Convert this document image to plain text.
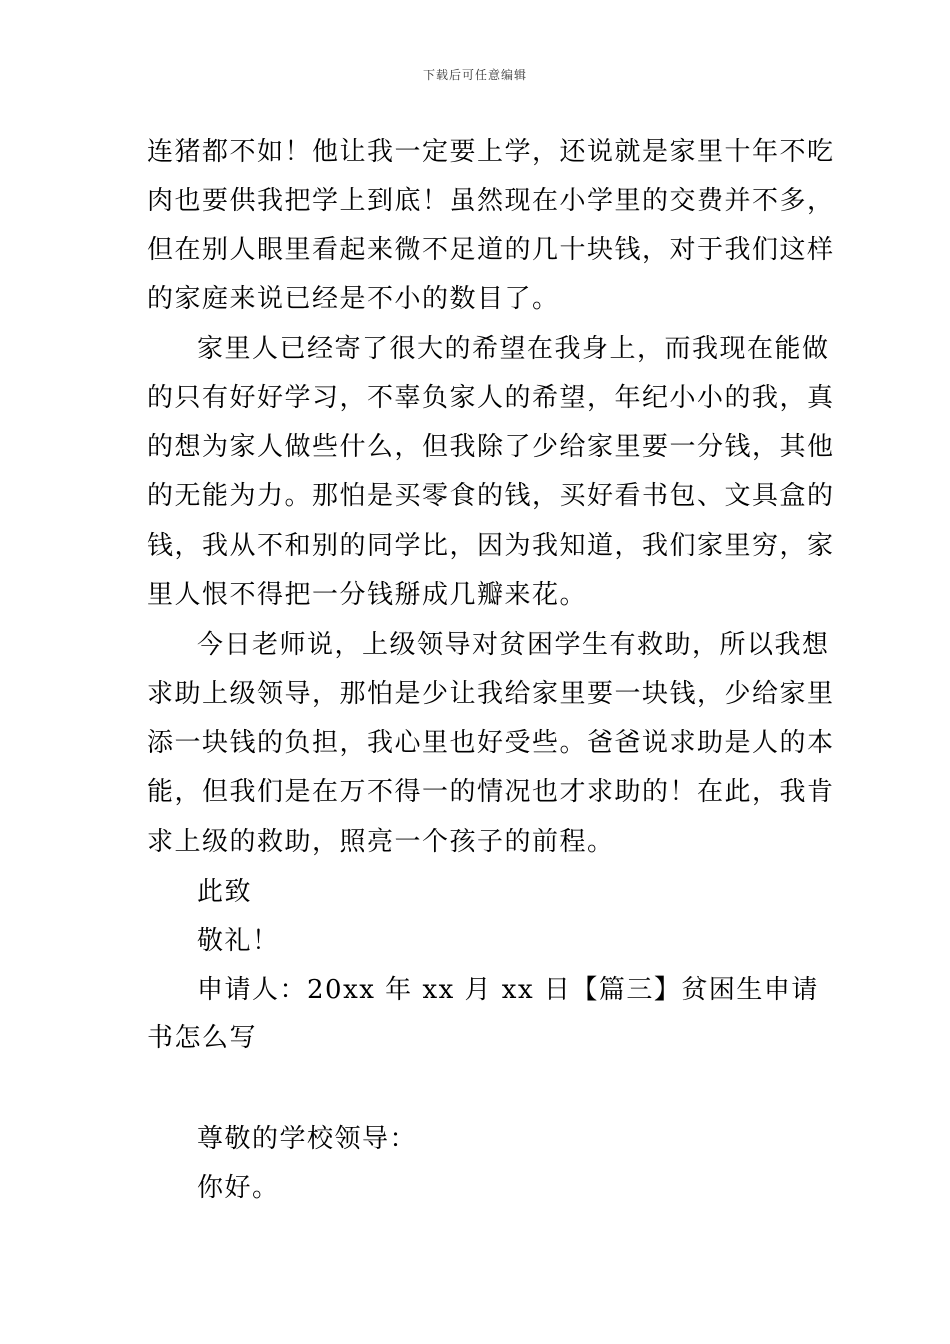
下载后可任意编辑
连猪都不如！他让我一定要上学，还说就是家里十年不吃
肉也要供我把学上到底！虽然现在小学里的交费并不多，
但在别人眼里看起来微不足道的几十块钱，对于我们这样
的家庭来说已经是不小的数目了。
家里人已经寄了很大的希望在我身上，而我现在能做
的只有好好学习，不辜负家人的希望，年纪小小的我，真
的想为家人做些什么，但我除了少给家里要一分钱，其他
的无能为力。那怕是买零食的钱，买好看书包、文具盒的
钱，我从不和别的同学比，因为我知道，我们家里穷，家
里人恨不得把一分钱掰成几瓣来花。
今日老师说，上级领导对贫困学生有救助，所以我想
求助上级领导，那怕是少让我给家里要一块钱，少给家里
添一块钱的负担，我心里也好受些。爸爸说求助是人的本
能，但我们是在万不得一的情况也才求助的！在此，我肯
求上级的救助，照亮一个孩子的前程。
此致
敬礼！
申请人：20xx 年 xx 月 xx 日 【篇三】贫困生申请
书怎么写
尊敬的学校领导：
你好。
